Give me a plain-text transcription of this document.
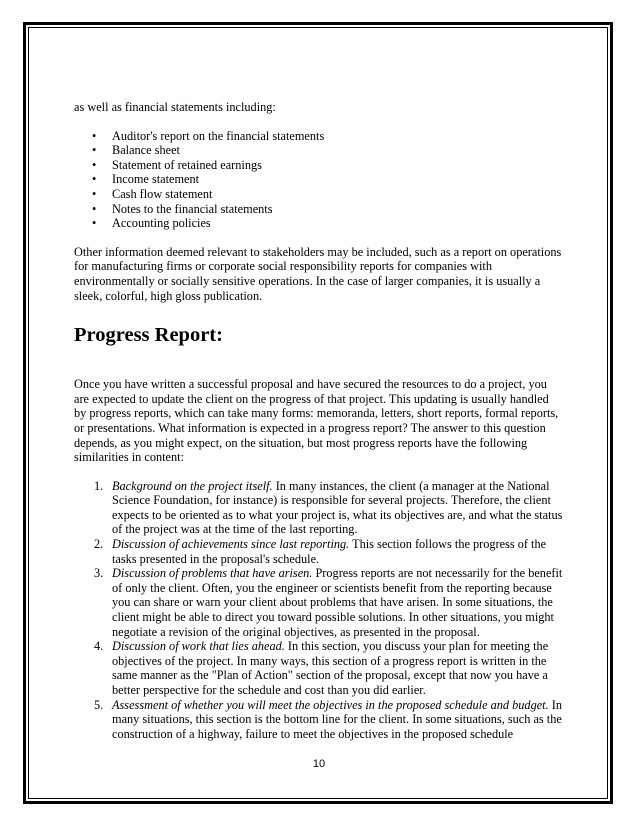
as well as financial statements including:

• Auditor's report on the financial statements
• Balance sheet
• Statement of retained earnings
• Income statement
• Cash flow statement
• Notes to the financial statements
• Accounting policies

Other information deemed relevant to stakeholders may be included, such as a report on operations for manufacturing firms or corporate social responsibility reports for companies with environmentally or socially sensitive operations. In the case of larger companies, it is usually a sleek, colorful, high gloss publication.

Progress Report:

Once you have written a successful proposal and have secured the resources to do a project, you are expected to update the client on the progress of that project. This updating is usually handled by progress reports, which can take many forms: memoranda, letters, short reports, formal reports, or presentations. What information is expected in a progress report? The answer to this question depends, as you might expect, on the situation, but most progress reports have the following similarities in content:

1. Background on the project itself. In many instances, the client (a manager at the National Science Foundation, for instance) is responsible for several projects. Therefore, the client expects to be oriented as to what your project is, what its objectives are, and what the status of the project was at the time of the last reporting.
2. Discussion of achievements since last reporting. This section follows the progress of the tasks presented in the proposal's schedule.
3. Discussion of problems that have arisen. Progress reports are not necessarily for the benefit of only the client. Often, you the engineer or scientists benefit from the reporting because you can share or warn your client about problems that have arisen. In some situations, the client might be able to direct you toward possible solutions. In other situations, you might negotiate a revision of the original objectives, as presented in the proposal.
4. Discussion of work that lies ahead. In this section, you discuss your plan for meeting the objectives of the project. In many ways, this section of a progress report is written in the same manner as the "Plan of Action" section of the proposal, except that now you have a better perspective for the schedule and cost than you did earlier.
5. Assessment of whether you will meet the objectives in the proposed schedule and budget. In many situations, this section is the bottom line for the client. In some situations, such as the construction of a highway, failure to meet the objectives in the proposed schedule
10
